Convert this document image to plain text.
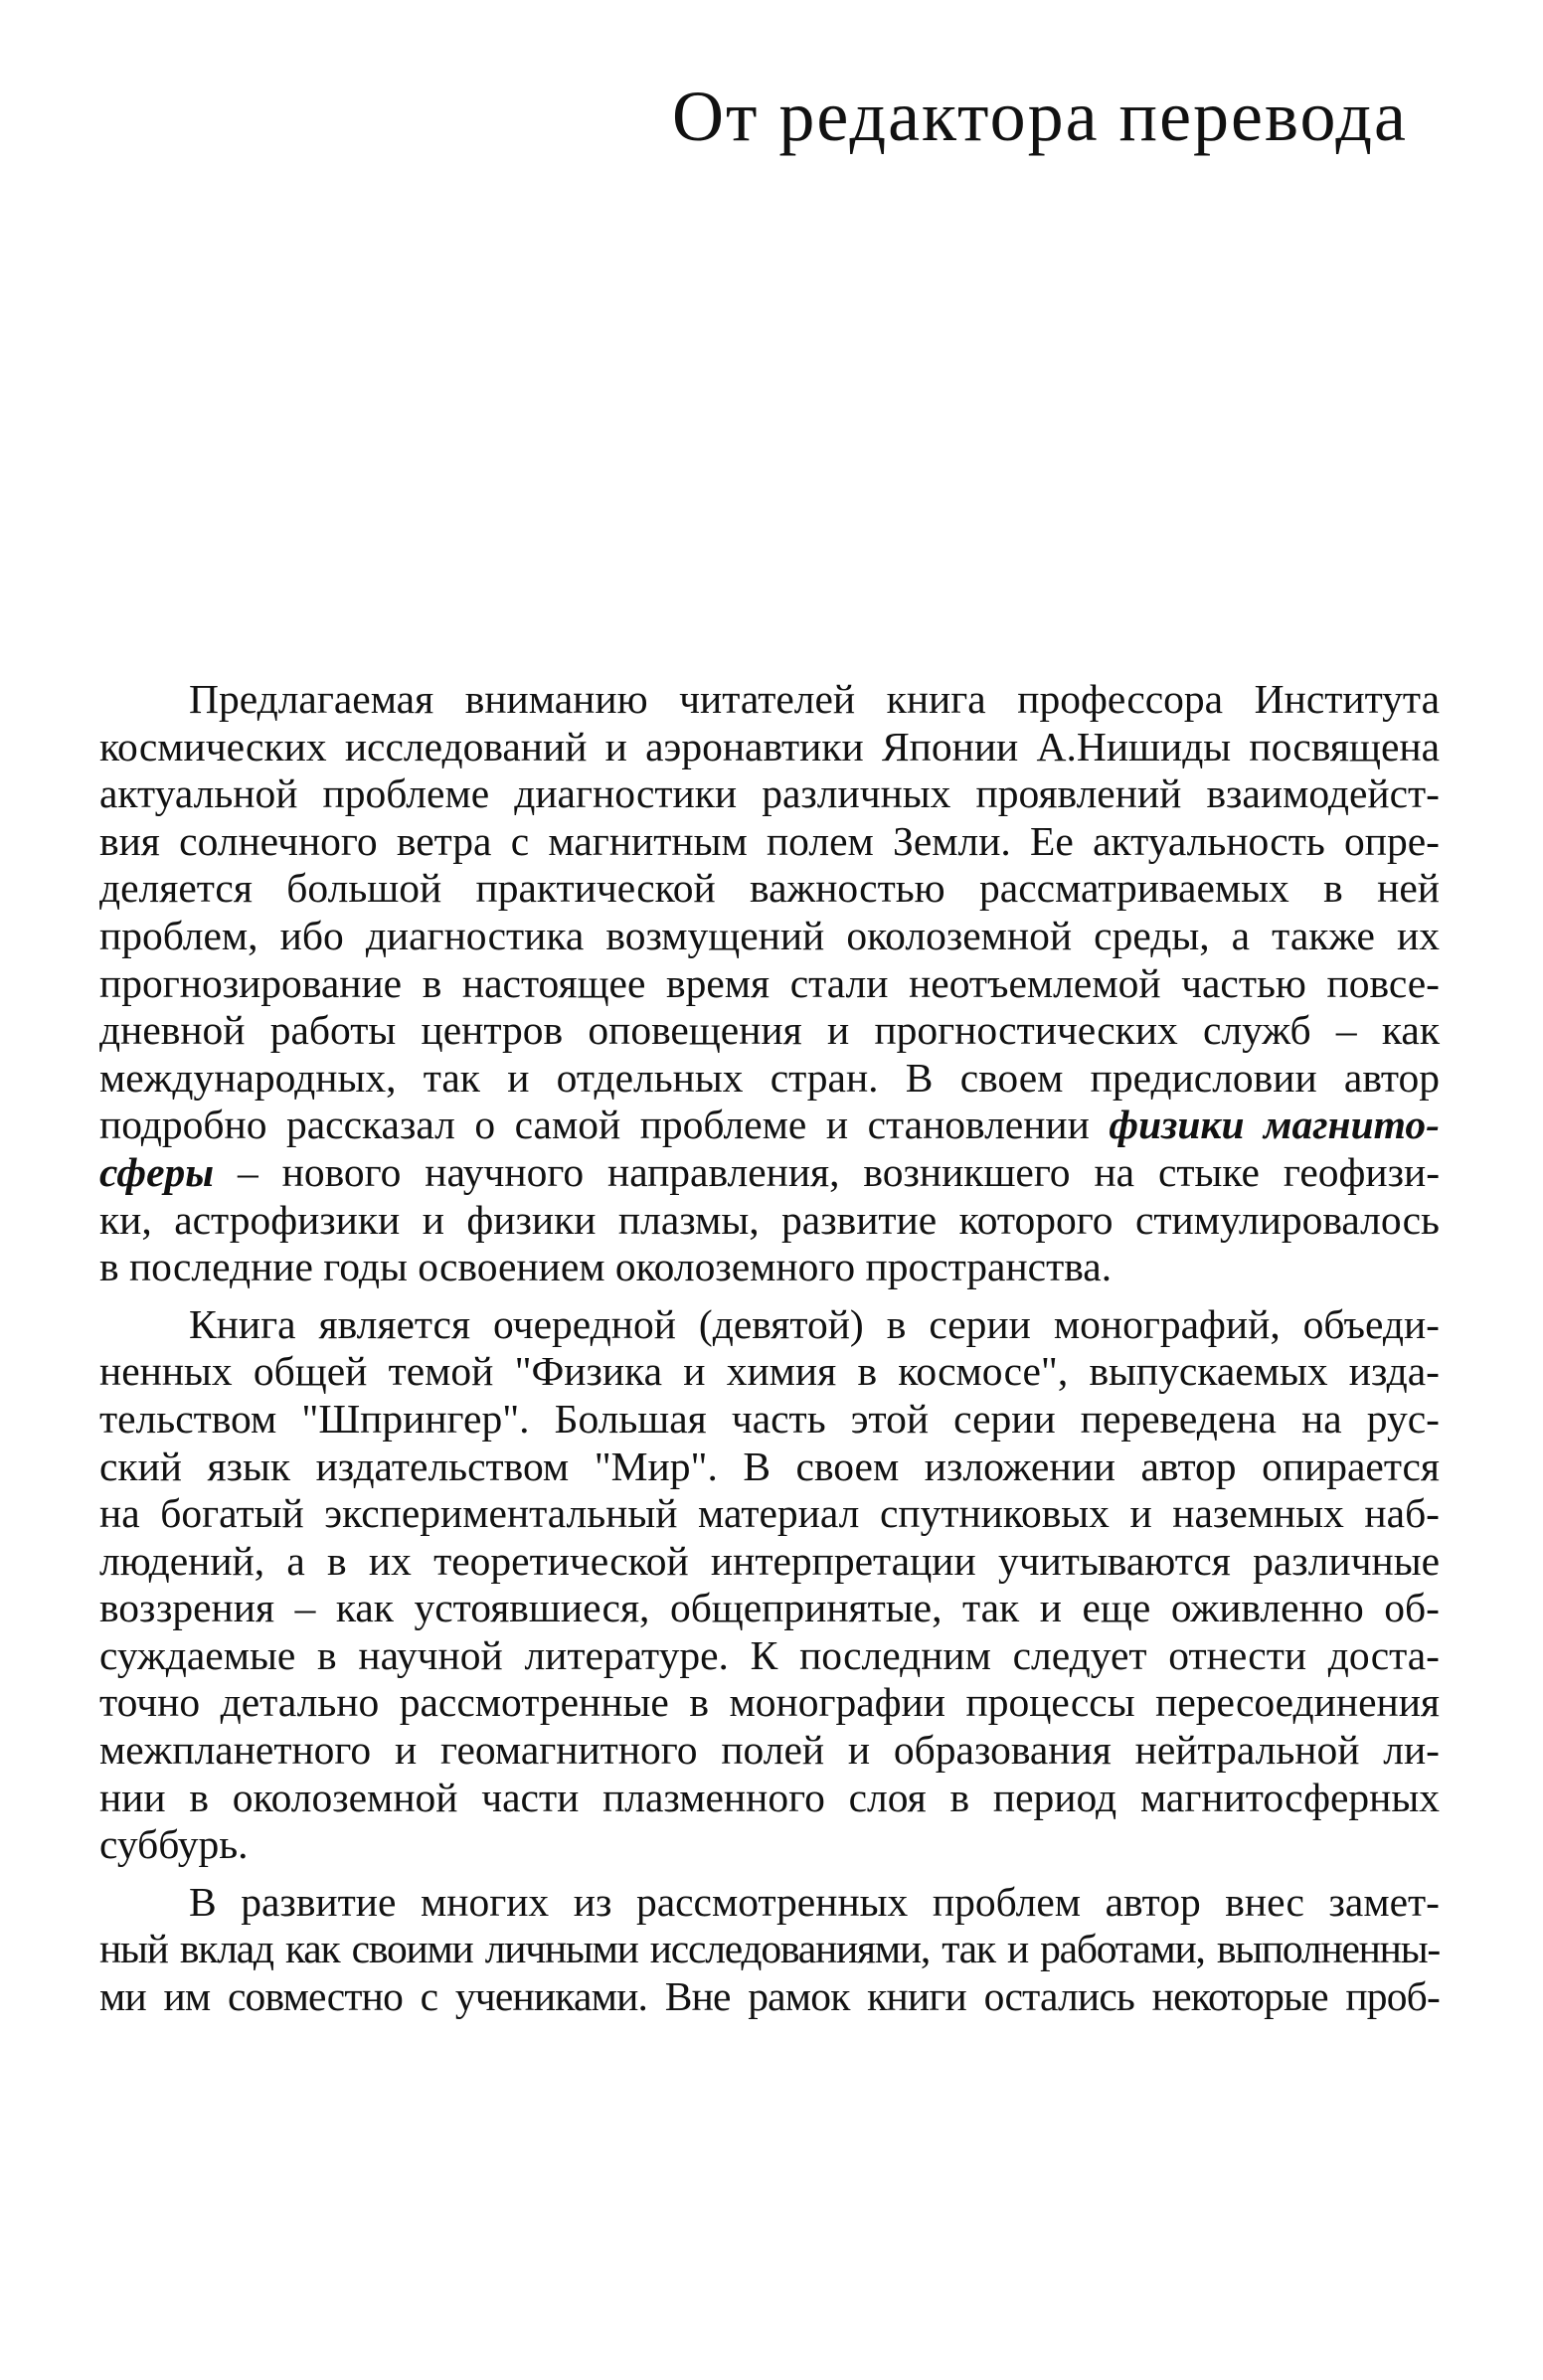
От редактора перевода
Предлагаемая вниманию читателей книга профессора Института
космических исследований и аэронавтики Японии А.Нишиды посвящена
актуальной проблеме диагностики различных проявлений взаимодейст-
вия солнечного ветра с магнитным полем Земли. Ее актуальность опре-
деляется большой практической важностью рассматриваемых в ней
проблем, ибо диагностика возмущений околоземной среды, а также их
прогнозирование в настоящее время стали неотъемлемой частью повсе-
дневной работы центров оповещения и прогностических служб – как
международных, так и отдельных стран. В своем предисловии автор
подробно рассказал о самой проблеме и становлении физики магнито-
сферы – нового научного направления, возникшего на стыке геофизи-
ки, астрофизики и физики плазмы, развитие которого стимулировалось
в последние годы освоением околоземного пространства.
Книга является очередной (девятой) в серии монографий, объеди-
ненных общей темой "Физика и химия в космосе", выпускаемых изда-
тельством "Шпрингер". Большая часть этой серии переведена на рус-
ский язык издательством "Мир". В своем изложении автор опирается
на богатый экспериментальный материал спутниковых и наземных наб-
людений, а в их теоретической интерпретации учитываются различные
воззрения – как устоявшиеся, общепринятые, так и еще оживленно об-
суждаемые в научной литературе. К последним следует отнести доста-
точно детально рассмотренные в монографии процессы пересоединения
межпланетного и геомагнитного полей и образования нейтральной ли-
нии в околоземной части плазменного слоя в период магнитосферных
суббурь.
В развитие многих из рассмотренных проблем автор внес замет-
ный вклад как своими личными исследованиями, так и работами, выполненны-
ми им совместно с учениками. Вне рамок книги остались некоторые проб-
